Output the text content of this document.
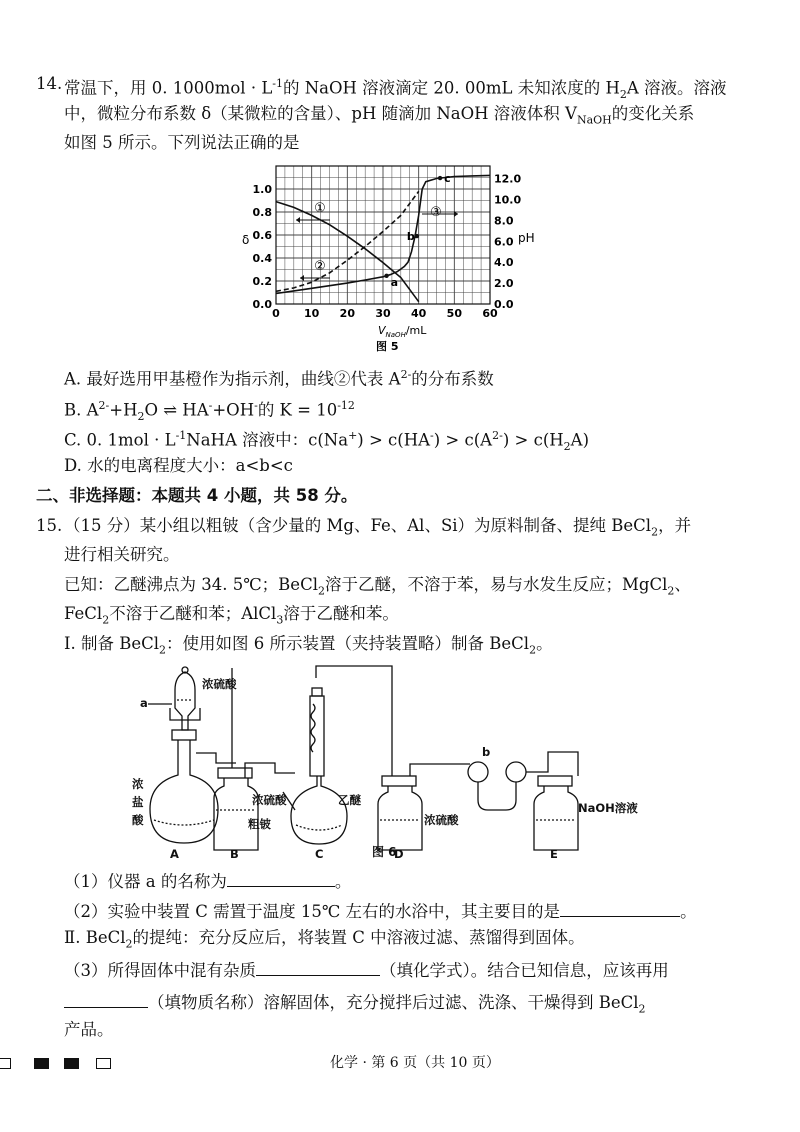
14. 常温下，用 0. $1000mol \cdot L^{-1}$的 NaOH 溶液滴定 20. 00mL 未知浓度的 $H_2A$ 溶液。溶液
中，微粒分布系数 δ（某微粒的含量）、pH 随滴加 NaOH 溶液体积 $V_{NaOH}$的变化关系
如图 5 所示。下列说法正确的是
a
b
c
①
②
③
0 10 20 30 40 50 60
0.0
0.2
0.4
0.6
0.8
1.0
0.0
2.0
4.0
6.0
8.0
10.0
12.0
δ	pH
$V_{NaOH}/mL$
图 5
A. 最好选用甲基橙作为指示剂，曲线②代表 $A^{2-}$的分布系数
B. $A^{2-}+H_2O$ ⇌ HA-+OH-的 $K = 10^{-12}$
C. 0. $1mol \cdot L^{-1}NaHA$ 溶液中：$c(Na^+) > c(HA^-) > c(A^{2-}) > c(H_2A)$
D. 水的电离程度大小：a<b<c
二、非选择题：本题共 4 小题，共 58 分。
15. （15 分）某小组以粗铍（含少量的 Mg、Fe、Al、Si）为原料制备、提纯 BeCl$_2$，并
进行相关研究。
已知：乙醚沸点为 34. 5℃；BeCl$_2$溶于乙醚，不溶于苯，易与水发生反应；MgCl$_2$、
FeCl$_2$不溶于乙醚和苯；AlCl$_3$溶于乙醚和苯。
Ⅰ. 制备 BeCl$_2$：使用如图 6 所示装置（夹持装置略）制备 BeCl$_2$。
a
浓硫酸
浓
盐
酸
浓硫酸
粗铍
乙醚
浓硫酸
b
NaOH溶液
A	B	C	D	E
图 6
（1）仪器 a 的名称为	。
（2）实验中装置 C 需置于温度 15℃ 左右的水浴中，其主要目的是	。
Ⅱ. BeCl$_2$的提纯：充分反应后，将装置 C 中溶液过滤、蒸馏得到固体。
（3）所得固体中混有杂质	（填化学式）。结合已知信息，应该再用
（填物质名称）溶解固体，充分搅拌后过滤、洗涤、干燥得到 BeCl$_2$
产品。
化学 · 第 6 页（共 10 页）
